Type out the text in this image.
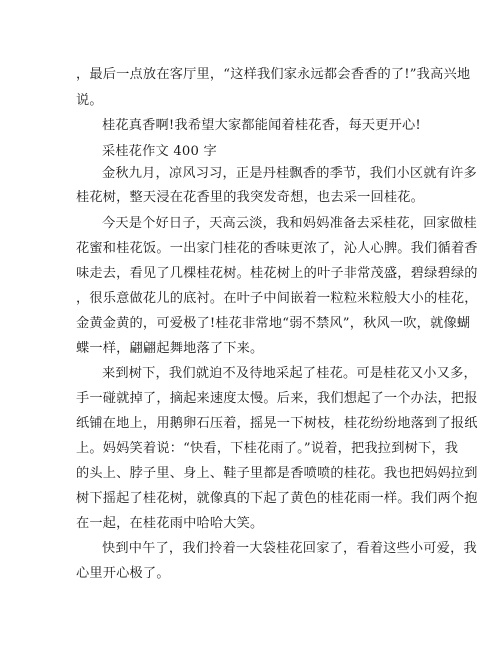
，最后一点放在客厅里，“这样我们家永远都会香香的了!”我高兴地
说。
桂花真香啊!我希望大家都能闻着桂花香，每天更开心!
采桂花作文 400 字
金秋九月，凉风习习，正是丹桂飘香的季节，我们小区就有许多
桂花树，整天浸在花香里的我突发奇想，也去采一回桂花。
今天是个好日子，天高云淡，我和妈妈准备去采桂花，回家做桂
花蜜和桂花饭。一出家门桂花的香味更浓了，沁人心脾。我们循着香
味走去，看见了几棵桂花树。桂花树上的叶子非常茂盛，碧绿碧绿的
，很乐意做花儿的底衬。在叶子中间嵌着一粒粒米粒般大小的桂花，
金黄金黄的，可爱极了!桂花非常地“弱不禁风”，秋风一吹，就像蝴
蝶一样，翩翩起舞地落了下来。
来到树下，我们就迫不及待地采起了桂花。可是桂花又小又多，
手一碰就掉了，摘起来速度太慢。后来，我们想起了一个办法，把报
纸铺在地上，用鹅卵石压着，摇晃一下树枝，桂花纷纷地落到了报纸
上。妈妈笑着说：“快看，下桂花雨了。”说着，把我拉到树下，我
的头上、脖子里、身上、鞋子里都是香喷喷的桂花。我也把妈妈拉到
树下摇起了桂花树，就像真的下起了黄色的桂花雨一样。我们两个抱
在一起，在桂花雨中哈哈大笑。
快到中午了，我们拎着一大袋桂花回家了，看着这些小可爱，我
心里开心极了。
